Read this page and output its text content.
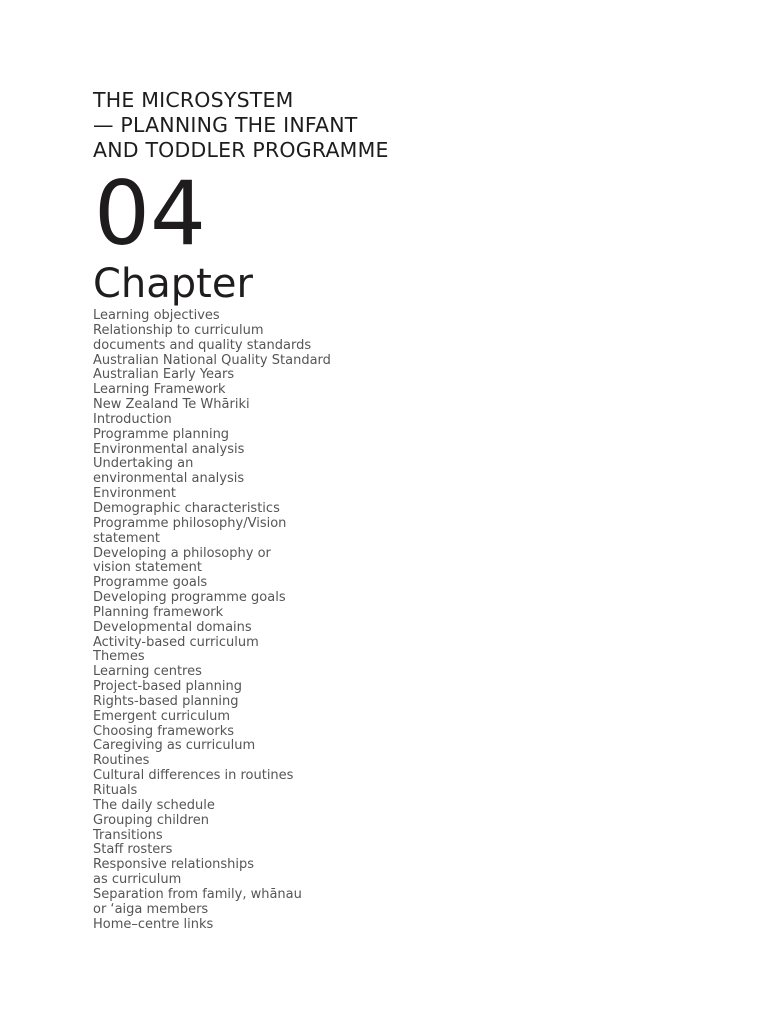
THE MICROSYSTEM
— PLANNING THE INFANT
AND TODDLER PROGRAMME
04
Chapter
Learning objectives
Relationship to curriculum
documents and quality standards
Australian National Quality Standard
Australian Early Years
Learning Framework
New Zealand Te Whāriki
Introduction
Programme planning
Environmental analysis
Undertaking an
environmental analysis
Environment
Demographic characteristics
Programme philosophy/Vision
statement
Developing a philosophy or
vision statement
Programme goals
Developing programme goals
Planning framework
Developmental domains
Activity-based curriculum
Themes
Learning centres
Project-based planning
Rights-based planning
Emergent curriculum
Choosing frameworks
Caregiving as curriculum
Routines
Cultural differences in routines
Rituals
The daily schedule
Grouping children
Transitions
Staff rosters
Responsive relationships
as curriculum
Separation from family, whānau
or ‘aiga members
Home–centre links
